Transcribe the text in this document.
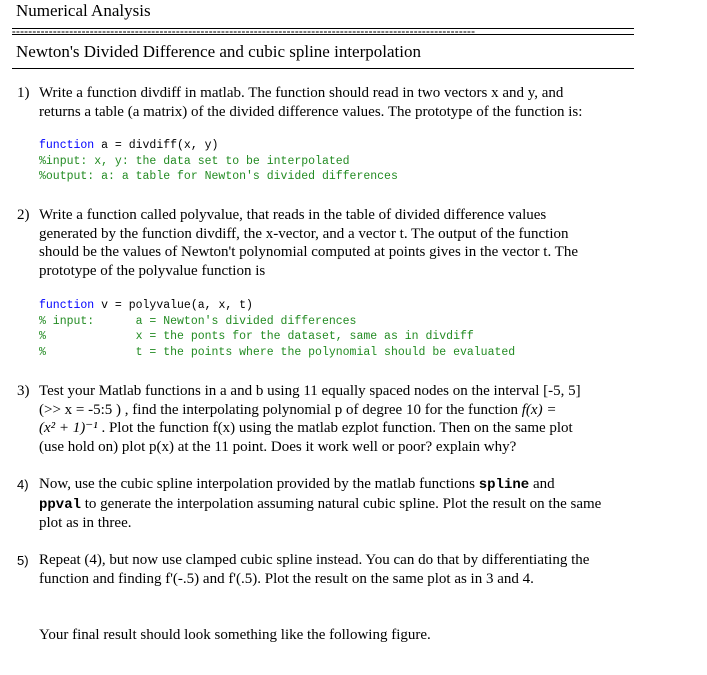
Numerical Analysis
=================================================================================================================
Newton's Divided Difference and cubic spline interpolation
1) Write a function divdiff in matlab. The function should read in two vectors x and y, and
returns a table (a matrix) of the divided difference values. The prototype of the function is:
function a = divdiff(x, y)
%input: x, y: the data set to be interpolated
%output: a: a table for Newton's divided differences
2) Write a function called polyvalue, that reads in the table of divided difference values
generated by the function divdiff, the x-vector, and a vector t. The output of the function
should be the values of Newton't polynomial computed at points gives in the vector t. The
prototype of the polyvalue function is
function v = polyvalue(a, x, t)
% input:      a = Newton's divided differences
%             x = the ponts for the dataset, same as in divdiff
%             t = the points where the polynomial should be evaluated
3) Test your Matlab functions in a and b using 11 equally spaced nodes on the interval [-5, 5]
(>> x = -5:5 ) , find the interpolating polynomial p of degree 10 for the function f(x) =
(x² + 1)⁻¹ . Plot the function f(x) using the matlab ezplot function. Then on the same plot
(use hold on) plot p(x) at the 11 point. Does it work well or poor? explain why?
4) Now, use the cubic spline interpolation provided by the matlab functions spline and
ppval to generate the interpolation assuming natural cubic spline. Plot the result on the same
plot as in three.
5) Repeat (4), but now use clamped cubic spline instead. You can do that by differentiating the
function and finding f'(-.5) and f'(.5). Plot the result on the same plot as in 3 and 4.
Your final result should look something like the following figure.
